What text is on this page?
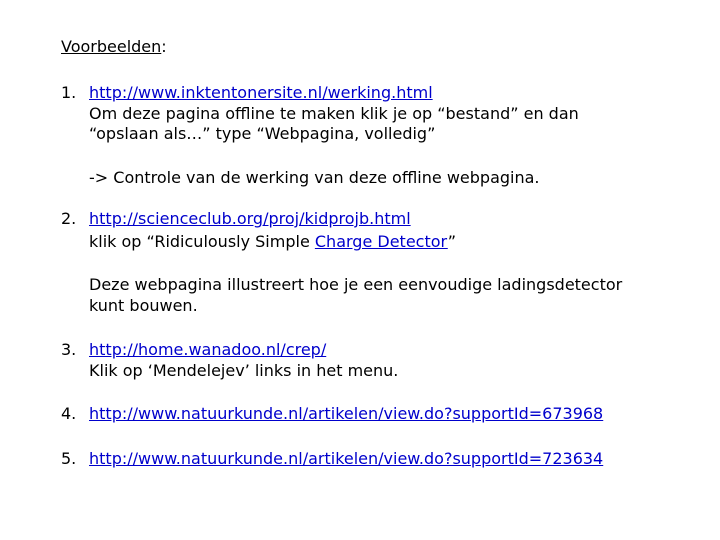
Voorbeelden:
1. http://www.inktentonersite.nl/werking.html
Om deze pagina offline te maken klik je op “bestand” en dan
“opslaan als…” type “Webpagina, volledig”
-> Controle van de werking van deze offline webpagina.
2. http://scienceclub.org/proj/kidprojb.html
klik op “Ridiculously Simple Charge Detector”
Deze webpagina illustreert hoe je een eenvoudige ladingsdetector
kunt bouwen.
3. http://home.wanadoo.nl/crep/
Klik op ‘Mendelejev’ links in het menu.
4. http://www.natuurkunde.nl/artikelen/view.do?supportId=673968
5. http://www.natuurkunde.nl/artikelen/view.do?supportId=723634
